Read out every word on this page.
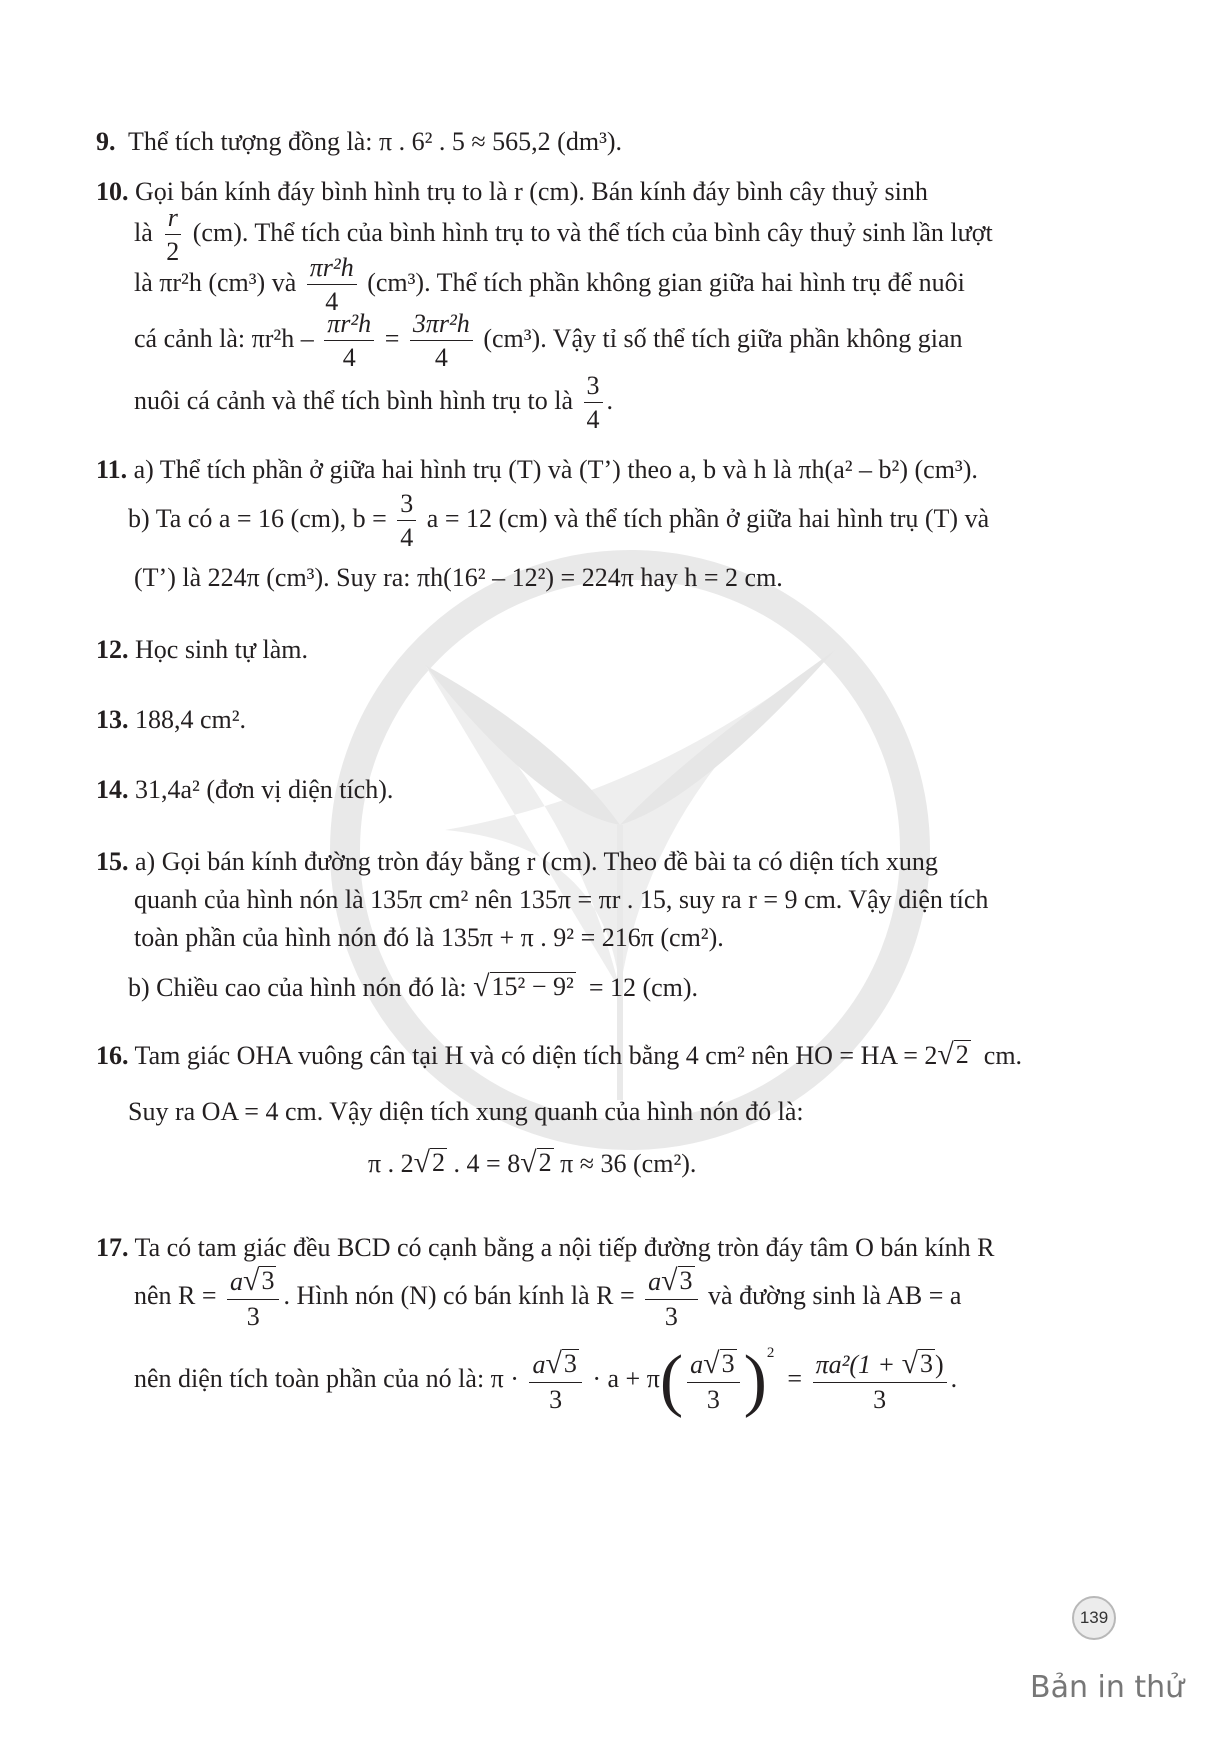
9. Thể tích tượng đồng là: π . 6² . 5 ≈ 565,2 (dm³).
10. Gọi bán kính đáy bình hình trụ to là r (cm). Bán kính đáy bình cây thuỷ sinh
là $\frac{r}{2} (cm)$. Thể tích của bình hình trụ to và thể tích của bình cây thuỷ sinh lần lượt
là πr²h (cm³) và $\frac{\text{πr²h}}{4} (cm^3)$. Thể tích phần không gian giữa hai hình trụ để nuôi
cá cảnh là: $\pi r^2h - \frac{\text{πr²h}}{4} = \frac{\text{3πr²h}}{4} (cm^3)$. Vậy tỉ số thể tích giữa phần không gian
nuôi cá cảnh và thể tích bình hình trụ to là $\frac{3}{4}$ .
11. a) Thể tích phần ở giữa hai hình trụ (T) và (T’) theo a, b và h là πh(a² – b²) (cm³).
b) Ta có a = 16 (cm), $b = \frac{3}{4}$ a = 12 (cm) và thể tích phần ở giữa hai hình trụ (T) và
(T’) là 224π (cm³). Suy ra: πh(16² – 12²) = 224π hay h = 2 cm.
12. Học sinh tự làm.
13. 188,4 cm².
14. 31,4a² (đơn vị diện tích).
15. a) Gọi bán kính đường tròn đáy bằng r (cm). Theo đề bài ta có diện tích xung
quanh của hình nón là 135π cm² nên 135π = πr . 15, suy ra r = 9 cm. Vậy diện tích
toàn phần của hình nón đó là 135π + π . 9² = 216π (cm²).
b) Chiều cao của hình nón đó là: √ 15² − 9² = 12 (cm).
16. Tam giác OHA vuông cân tại H và có diện tích bằng 4 cm² nên HO = HA = 2 √ 2 cm.
Suy ra OA = 4 cm. Vậy diện tích xung quanh của hình nón đó là:
π . 2 √ 2 . 4 = 8 √ 2 π ≈ 36 (cm²).
17. Ta có tam giác đều BCD có cạnh bằng a nội tiếp đường tròn đáy tâm O bán kính R
nên $R = \frac{a √ 3}{3}$ . Hình nón (N) có bán kính là $R = \frac{a √ 3}{3}$ và đường sinh là AB = a
nên diện tích toàn phần của nó là: $\pi \cdot \frac{a √ 3}{3} \cdot a + \pi( \frac{a √ 3}{3} )^2 = \frac{\text{πa²(1 + √ 3 )}}{3}$ .
139
Bản in thử
